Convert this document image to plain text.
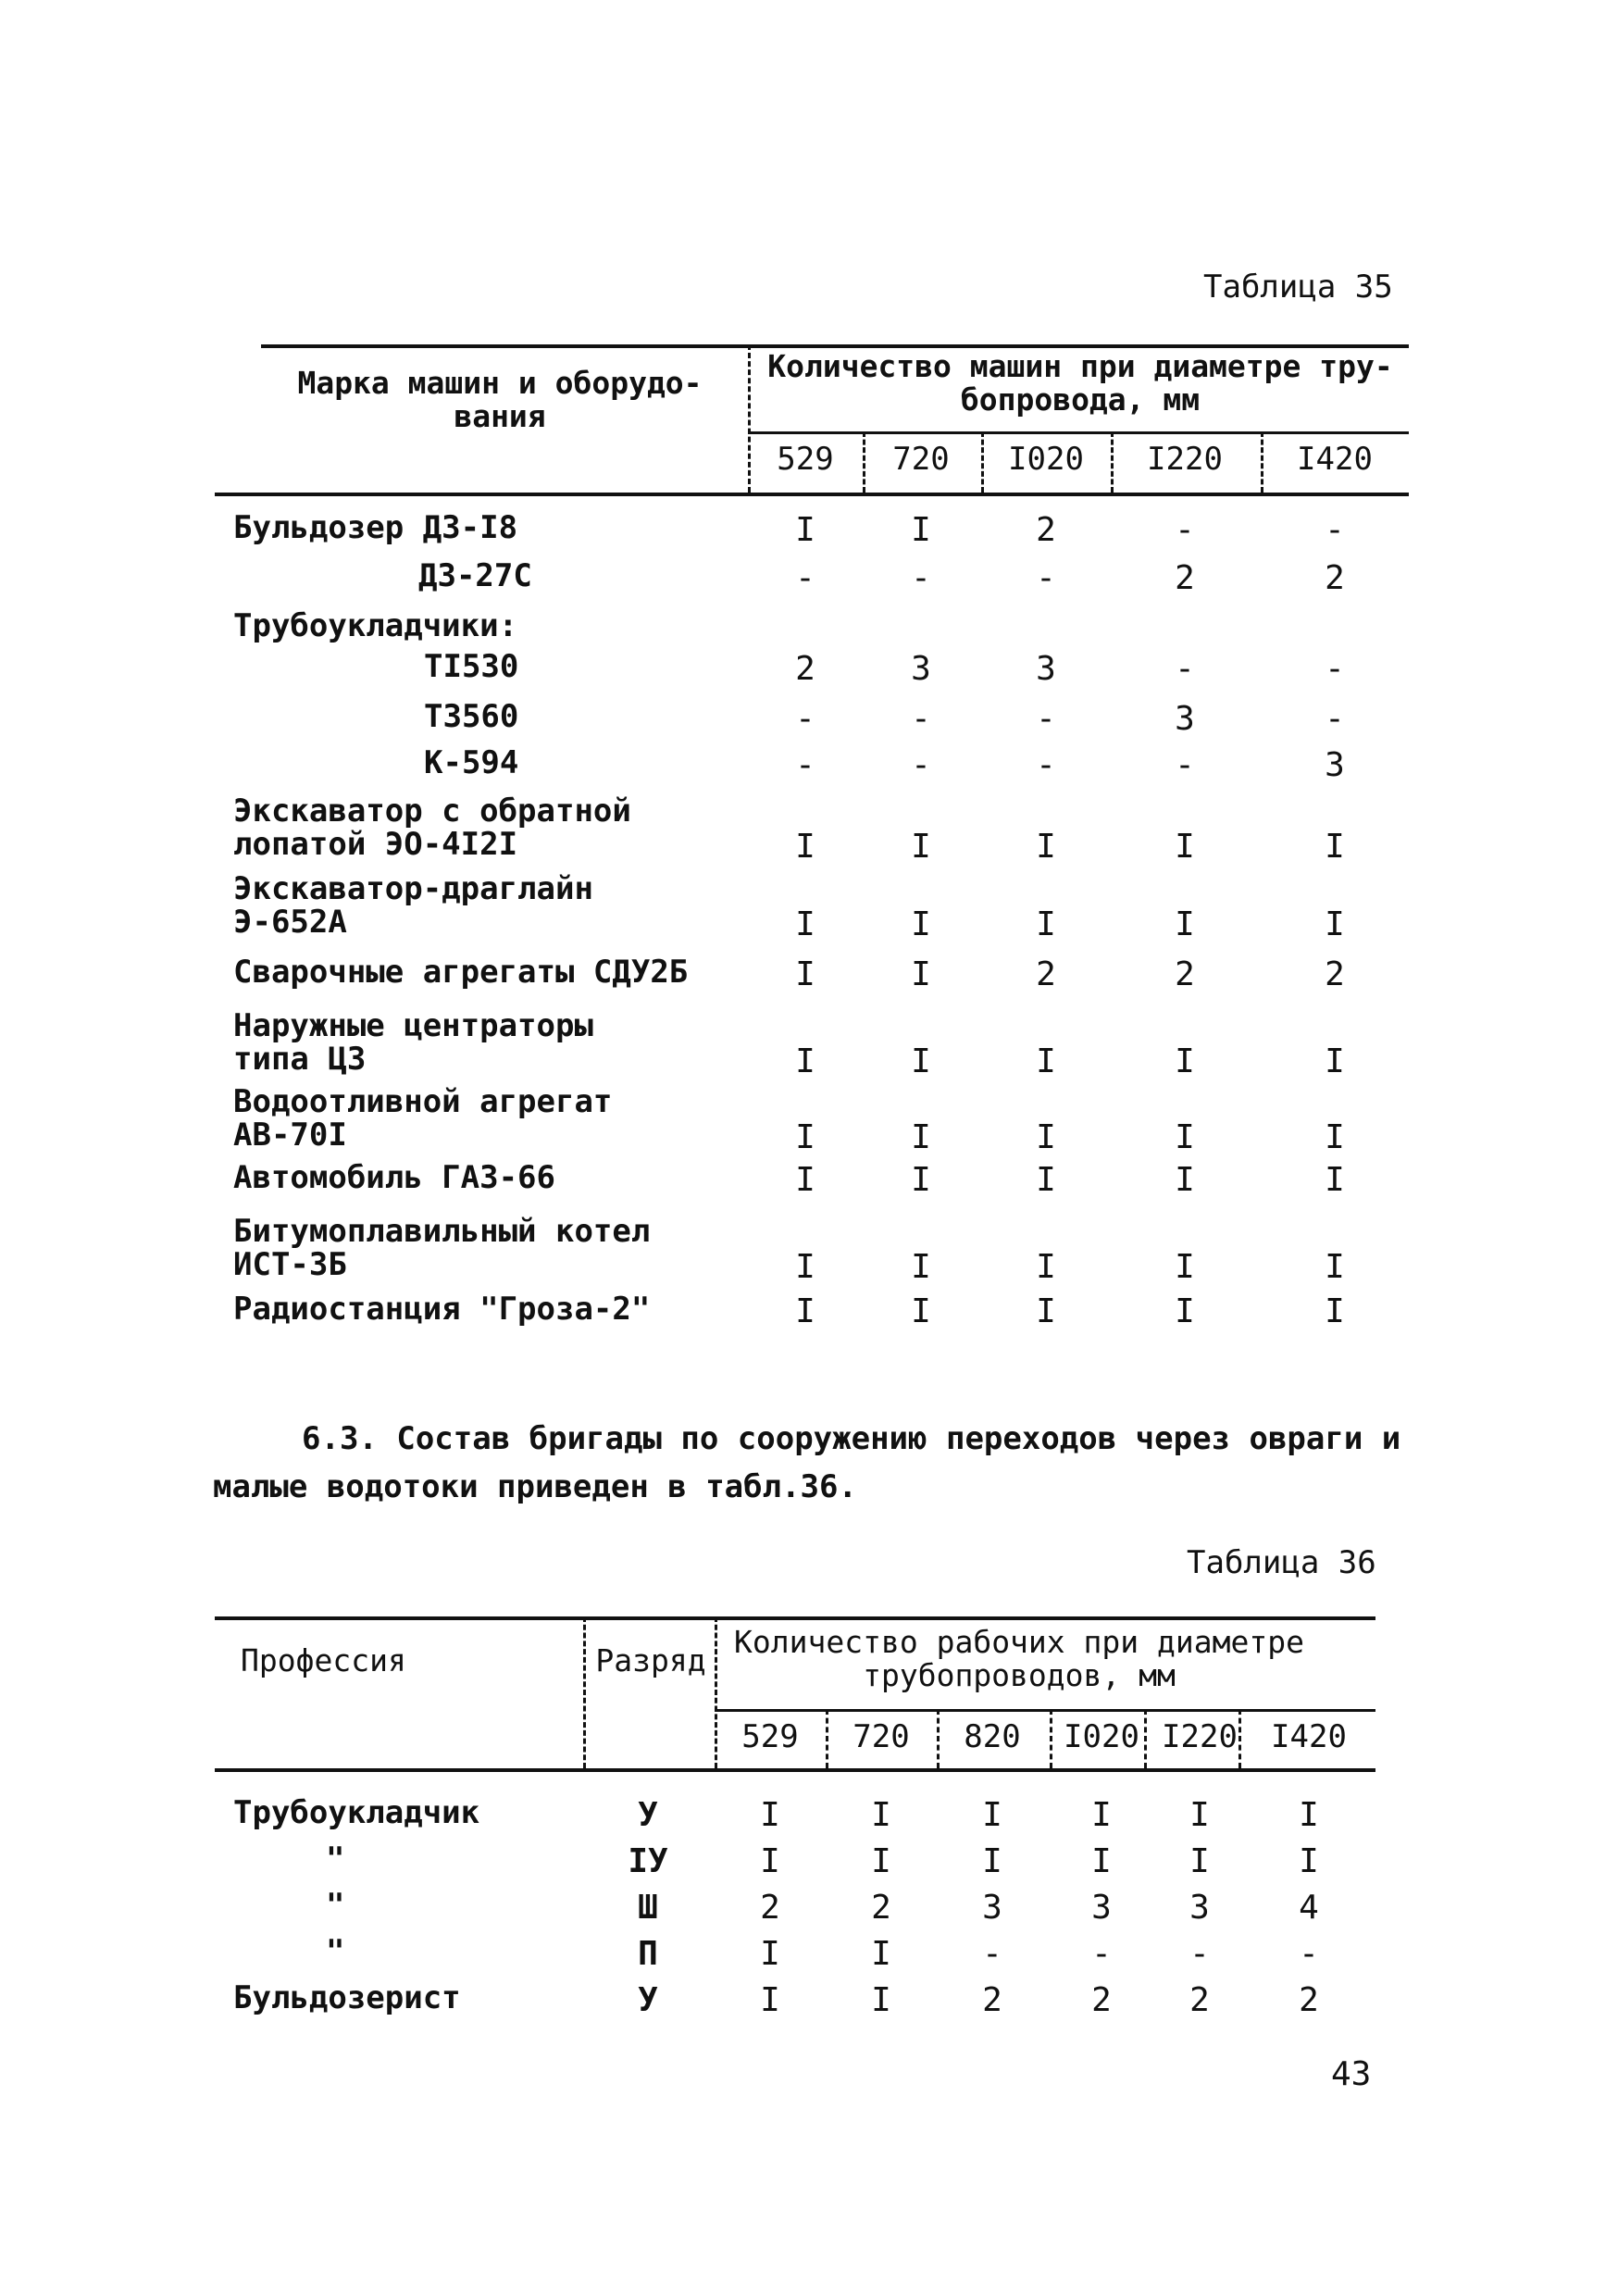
Таблица 35
Марка машин и оборудо-
вания
Количество машин при диаметре тру-
бопровода, мм
529	720	I020	I220	I420
Бульдозер ДЗ-I8	I	I	2	-	-
ДЗ-27С	-	-	-	2	2
Трубоукладчики:
ТI530	2	3	3	-	-
Т3560	-	-	-	3	-
К-594	-	-	-	-	3
Экскаватор с обратной
лопатой ЭО-4I2I	I	I	I	I	I
Экскаватор-драглайн
Э-652А	I	I	I	I	I
Сварочные агрегаты СДУ2Б	I	I	2	2	2
Наружные центраторы
типа ЦЗ	I	I	I	I	I
Водоотливной агрегат
АВ-70I	I	I	I	I	I
Автомобиль ГАЗ-66	I	I	I	I	I
Битумоплавильный котел
ИСТ-3Б	I	I	I	I	I
Радиостанция "Гроза-2"	I	I	I	I	I
6.3. Состав бригады по сооружению переходов через овраги и
малые водотоки приведен в табл.36.
Таблица 36
Профессия	Разряд
Количество рабочих при диаметре
трубопроводов, мм
529	720	820	I020 I220	I420
Трубоукладчик	У	I	I	I	I	I	I
"	IУ	I	I	I	I	I	I
"	Ш	2	2	3	3	3	4
"	П	I	I	-	-	-	-
Бульдозерист	У	I	I	2	2	2	2
43
